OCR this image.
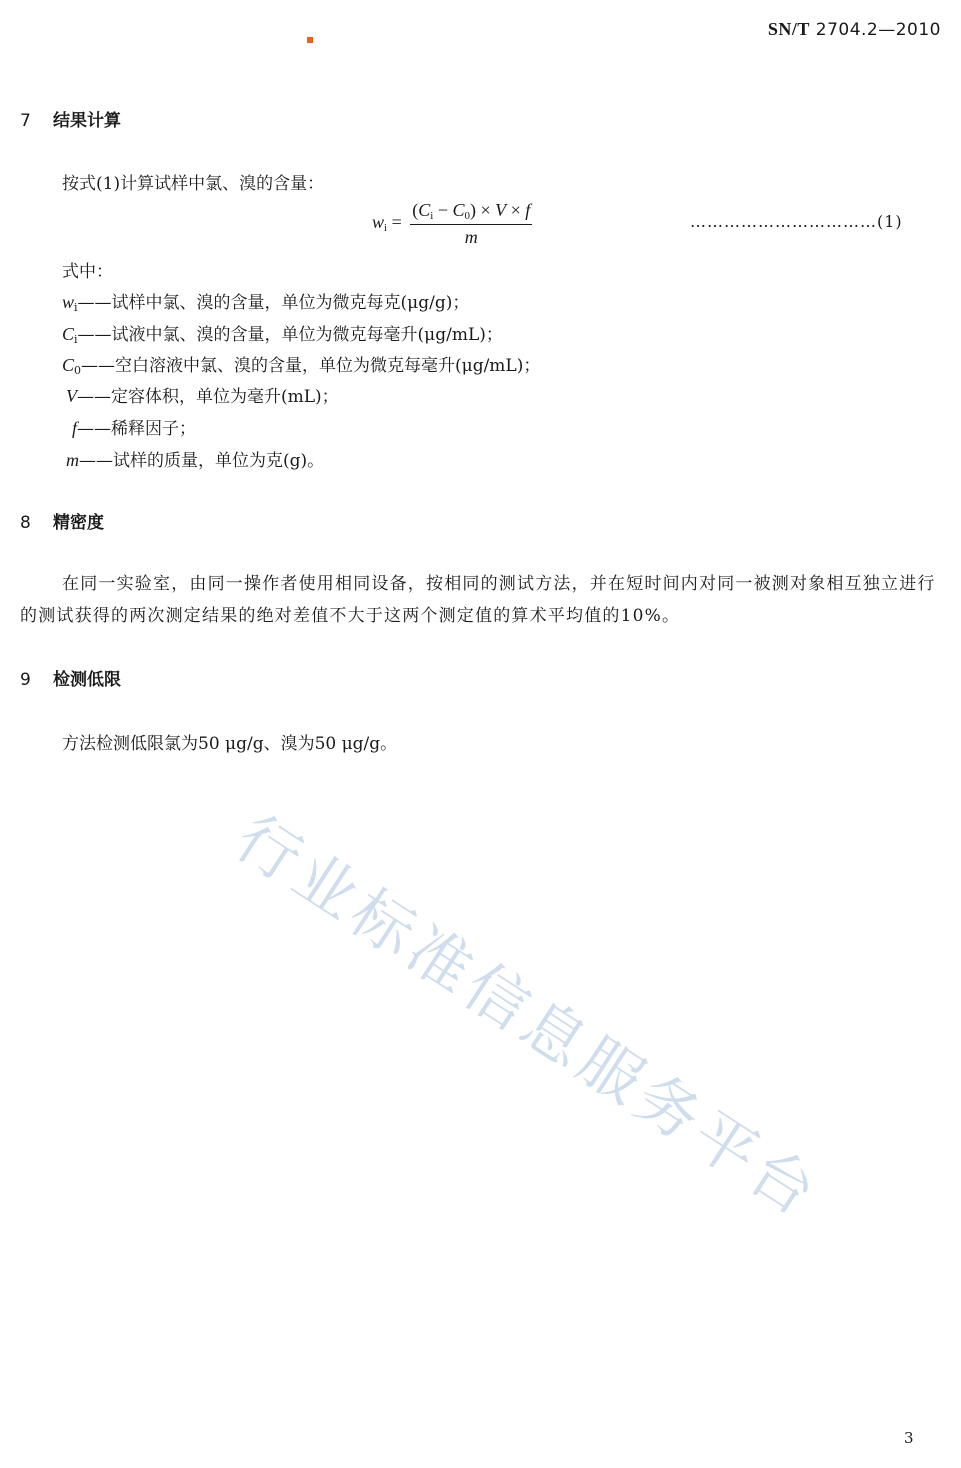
SN/T 2704.2—2010
7 结果计算
按式(1)计算试样中氯、溴的含量：
$w_i = \frac{(C_i - C_0) \times V \times f}{m}$	……………………………(1)
式中：
$w_i——$试样中氯、溴的含量，单位为微克每克(μg/g)；
$C_i——$试液中氯、溴的含量，单位为微克每毫升(μg/mL)；
$C_0——$空白溶液中氯、溴的含量，单位为微克每毫升(μg/mL)；
V——定容体积，单位为毫升(mL)；
f——稀释因子；
m——试样的质量，单位为克(g)。
8 精密度
在同一实验室，由同一操作者使用相同设备，按相同的测试方法，并在短时间内对同一被测对象相互独立进行的测试获得的两次测定结果的绝对差值不大于这两个测定值的算术平均值的10%。
9 检测低限
方法检测低限氯为50 μg/g、溴为50 μg/g。
行业标准信息服务平台
3
